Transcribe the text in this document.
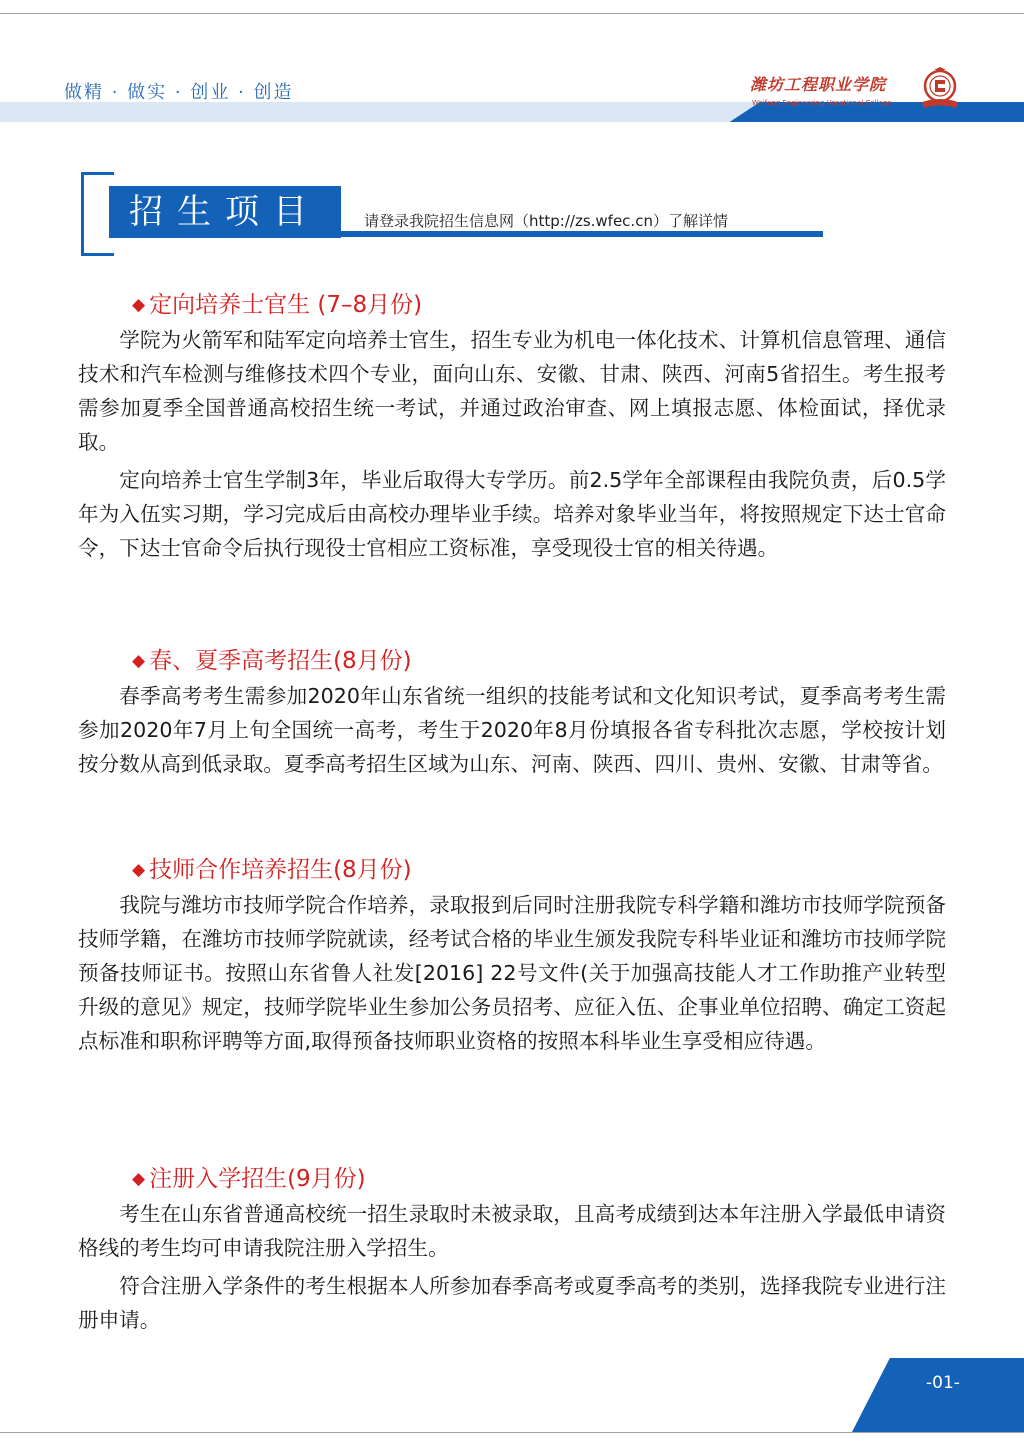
做精 · 做实 · 创业 · 创造	潍坊工程职业学院
Weifang Engineering Vocational College
招生项目	请登录我院招生信息网（http://zs.wfec.cn）了解详情
◆ 定向培养士官生 (7–8月份)
学院为火箭军和陆军定向培养士官生，招生专业为机电一体化技术、计算机信息管理、通信技术和汽车检测与维修技术四个专业，面向山东、安徽、甘肃、陕西、河南5省招生。考生报考需参加夏季全国普通高校招生统一考试，并通过政治审查、网上填报志愿、体检面试，择优录取。
定向培养士官生学制3年，毕业后取得大专学历。前2.5学年全部课程由我院负责，后0.5学年为入伍实习期，学习完成后由高校办理毕业手续。培养对象毕业当年，将按照规定下达士官命令，下达士官命令后执行现役士官相应工资标准，享受现役士官的相关待遇。
◆ 春、夏季高考招生(8月份)
春季高考考生需参加2020年山东省统一组织的技能考试和文化知识考试，夏季高考考生需参加2020年7月上旬全国统一高考，考生于2020年8月份填报各省专科批次志愿，学校按计划按分数从高到低录取。夏季高考招生区域为山东、河南、陕西、四川、贵州、安徽、甘肃等省。
◆ 技师合作培养招生(8月份)
我院与潍坊市技师学院合作培养，录取报到后同时注册我院专科学籍和潍坊市技师学院预备技师学籍，在潍坊市技师学院就读，经考试合格的毕业生颁发我院专科毕业证和潍坊市技师学院预备技师证书。按照山东省鲁人社发[2016] 22号文件(关于加强高技能人才工作助推产业转型升级的意见》规定，技师学院毕业生参加公务员招考、应征入伍、企事业单位招聘、确定工资起点标准和职称评聘等方面,取得预备技师职业资格的按照本科毕业生享受相应待遇。
◆ 注册入学招生(9月份)
考生在山东省普通高校统一招生录取时未被录取，且高考成绩到达本年注册入学最低申请资格线的考生均可申请我院注册入学招生。
符合注册入学条件的考生根据本人所参加春季高考或夏季高考的类别，选择我院专业进行注册申请。
-01-
